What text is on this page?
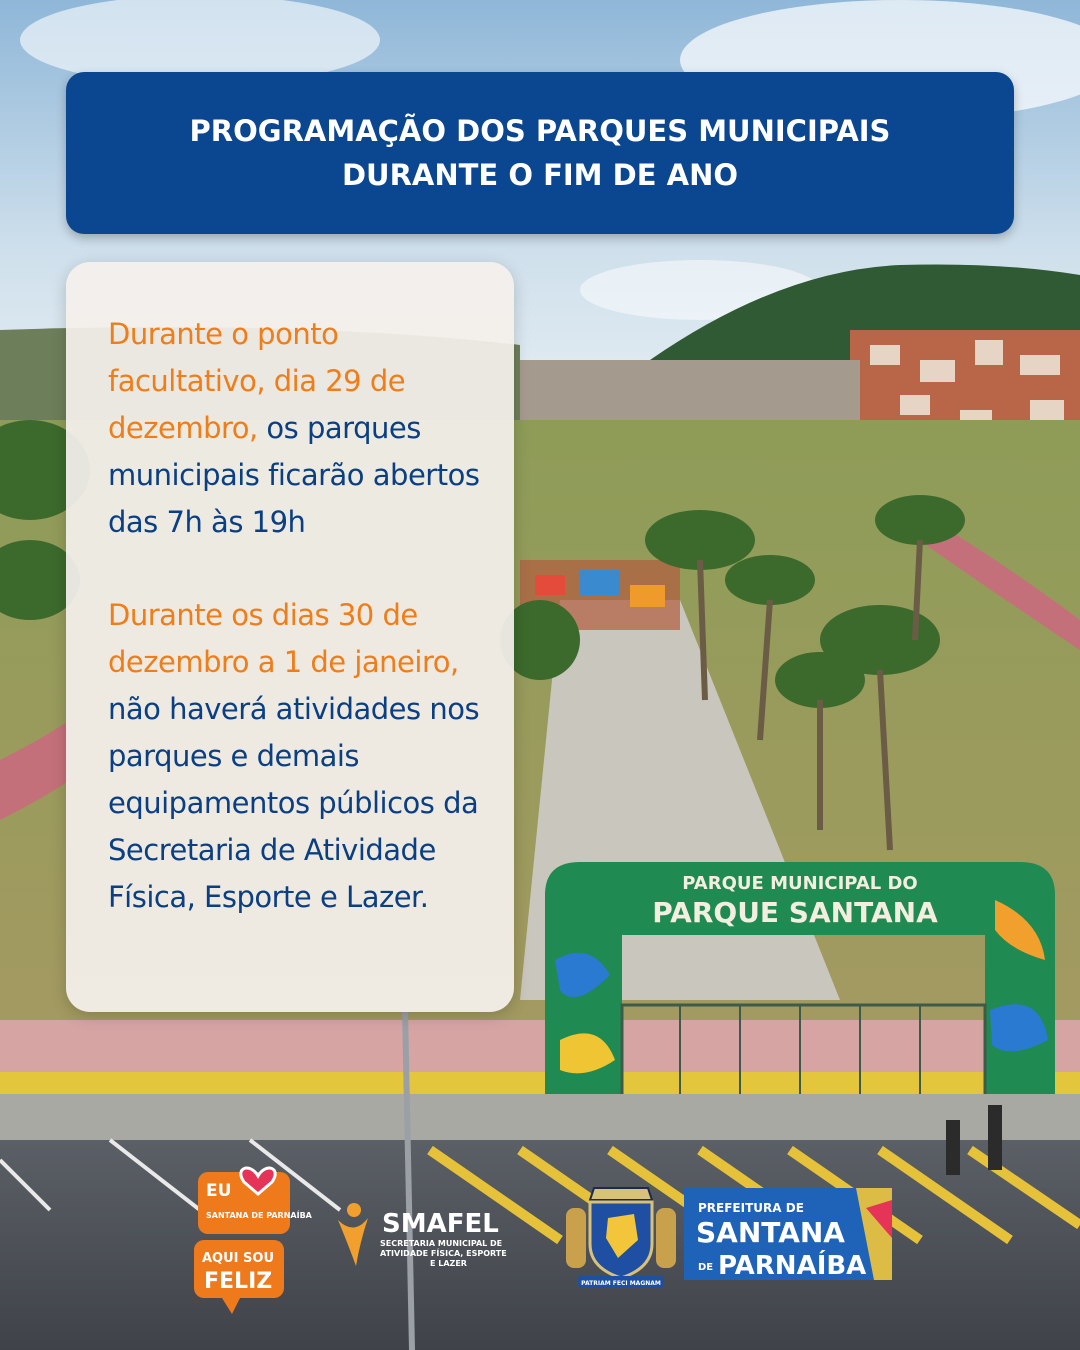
PARQUE MUNICIPAL DO
PARQUE SANTANA
PROGRAMAÇÃO DOS PARQUES MUNICIPAIS
DURANTE O FIM DE ANO
Durante o ponto facultativo, dia 29 de dezembro, os parques municipais ficarão abertos das 7h às 19h
Durante os dias 30 de dezembro a 1 de janeiro, não haverá atividades nos parques e demais equipamentos públicos da Secretaria de Atividade Física, Esporte e Lazer.
EU
SANTANA DE PARNAÍBA
AQUI SOU
FELIZ
SMAFEL
SECRETARIA MUNICIPAL DE
ATIVIDADE FÍSICA, ESPORTE
E LAZER
PATRIAM FECI MAGNAM
PREFEITURA DE
SANTANA
DE PARNAÍBA
